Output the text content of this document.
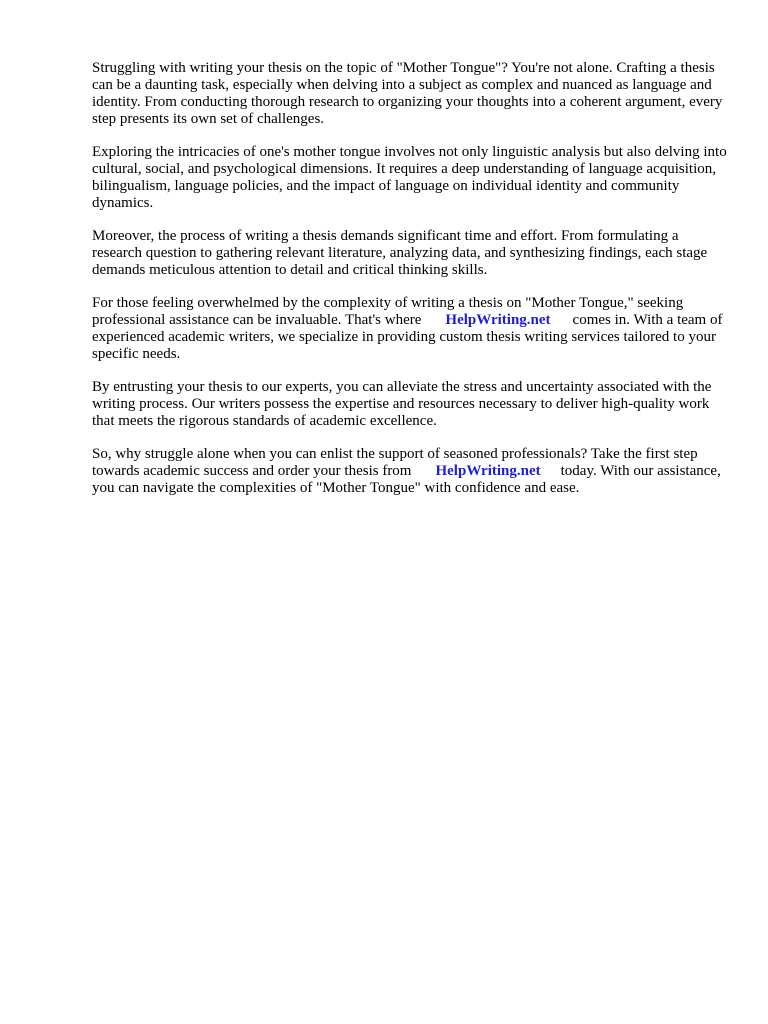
Struggling with writing your thesis on the topic of "Mother Tongue"? You're not alone. Crafting a thesis can be a daunting task, especially when delving into a subject as complex and nuanced as language and identity. From conducting thorough research to organizing your thoughts into a coherent argument, every step presents its own set of challenges.

Exploring the intricacies of one's mother tongue involves not only linguistic analysis but also delving into cultural, social, and psychological dimensions. It requires a deep understanding of language acquisition, bilingualism, language policies, and the impact of language on individual identity and community dynamics.

Moreover, the process of writing a thesis demands significant time and effort. From formulating a research question to gathering relevant literature, analyzing data, and synthesizing findings, each stage demands meticulous attention to detail and critical thinking skills.

For those feeling overwhelmed by the complexity of writing a thesis on "Mother Tongue," seeking professional assistance can be invaluable. That's where HelpWriting.net comes in. With a team of experienced academic writers, we specialize in providing custom thesis writing services tailored to your specific needs.

By entrusting your thesis to our experts, you can alleviate the stress and uncertainty associated with the writing process. Our writers possess the expertise and resources necessary to deliver high-quality work that meets the rigorous standards of academic excellence.

So, why struggle alone when you can enlist the support of seasoned professionals? Take the first step towards academic success and order your thesis from HelpWriting.net today. With our assistance, you can navigate the complexities of "Mother Tongue" with confidence and ease.
